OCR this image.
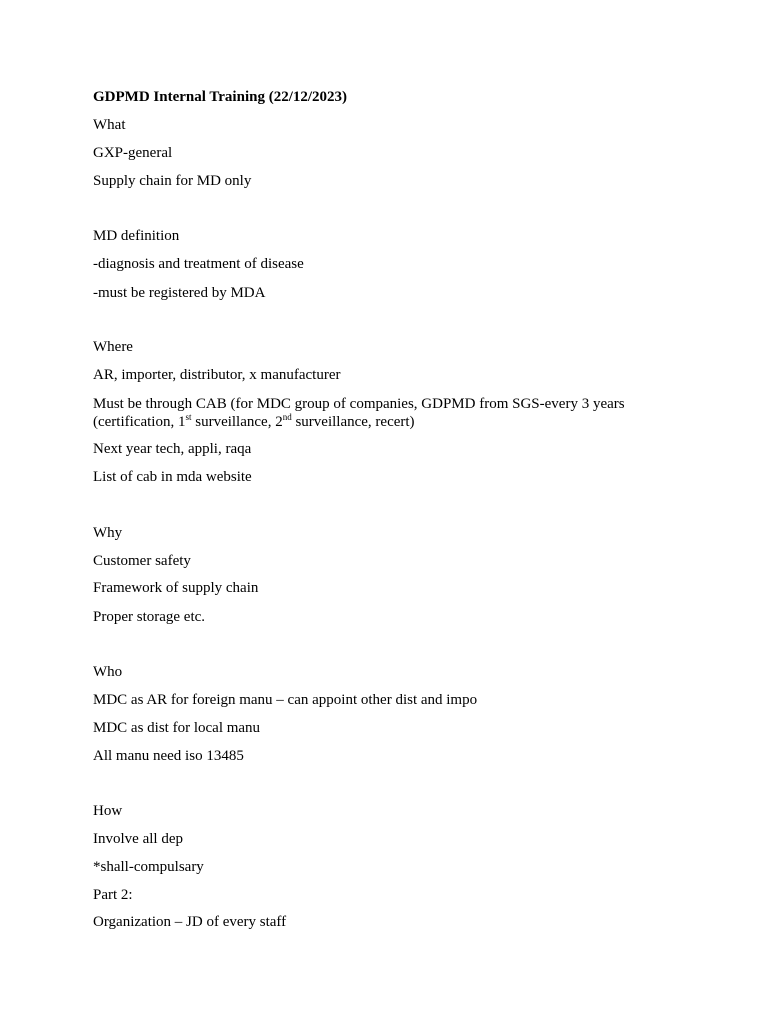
GDPMD Internal Training (22/12/2023)
What
GXP-general
Supply chain for MD only
MD definition
-diagnosis and treatment of disease
-must be registered by MDA
Where
AR, importer, distributor, x manufacturer
Must be through CAB (for MDC group of companies, GDPMD from SGS-every 3 years
(certification, 1st surveillance, 2nd surveillance, recert)
Next year tech, appli, raqa
List of cab in mda website
Why
Customer safety
Framework of supply chain
Proper storage etc.
Who
MDC as AR for foreign manu – can appoint other dist and impo
MDC as dist for local manu
All manu need iso 13485
How
Involve all dep
*shall-compulsary
Part 2:
Organization – JD of every staff
